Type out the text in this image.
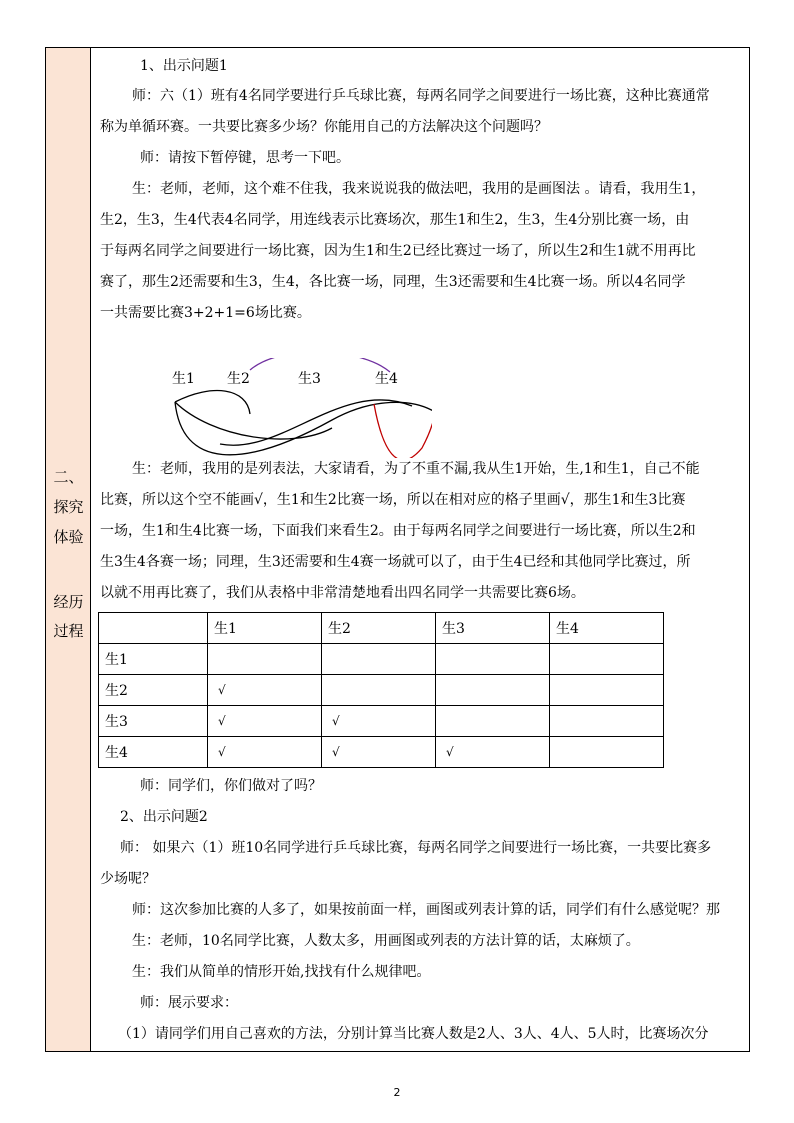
二、
探究
体验
经历
过程
1、出示问题1
师：六（1）班有4名同学要进行乒乓球比赛，每两名同学之间要进行一场比赛，这种比赛通常
称为单循环赛。一共要比赛多少场？你能用自己的方法解决这个问题吗？
师：请按下暂停键，思考一下吧。
生：老师，老师，这个难不住我，我来说说我的做法吧，我用的是画图法 。请看，我用生1，
生2，生3，生4代表4名同学，用连线表示比赛场次，那生1和生2，生3，生4分别比赛一场，由
于每两名同学之间要进行一场比赛，因为生1和生2已经比赛过一场了，所以生2和生1就不用再比
赛了，那生2还需要和生3，生4，各比赛一场，同理，生3还需要和生4比赛一场。所以4名同学
一共需要比赛3+2+1=6场比赛。
生1 生2	生3	生4
生：老师，我用的是列表法，大家请看，为了不重不漏,我从生1开始，生,1和生1，自己不能
比赛，所以这个空不能画√，生1和生2比赛一场，所以在相对应的格子里画√，那生1和生3比赛
一场，生1和生4比赛一场，下面我们来看生2。由于每两名同学之间要进行一场比赛，所以生2和
生3生4各赛一场；同理，生3还需要和生4赛一场就可以了，由于生4已经和其他同学比赛过，所
以就不用再比赛了，我们从表格中非常清楚地看出四名同学一共需要比赛6场。
	生1	生2	生3	生4
生1				
生2	√			
生3	√	√		
生4	√	√	√	
师：同学们，你们做对了吗？
2、出示问题2
师： 如果六（1）班10名同学进行乒乓球比赛，每两名同学之间要进行一场比赛，一共要比赛多
少场呢？
师：这次参加比赛的人多了，如果按前面一样，画图或列表计算的话，同学们有什么感觉呢？那
生：老师，10名同学比赛，人数太多，用画图或列表的方法计算的话，太麻烦了。
生：我们从简单的情形开始,找找有什么规律吧。
师：展示要求：
（1）请同学们用自己喜欢的方法，分别计算当比赛人数是2人、3人、4人、5人时，比赛场次分
2
